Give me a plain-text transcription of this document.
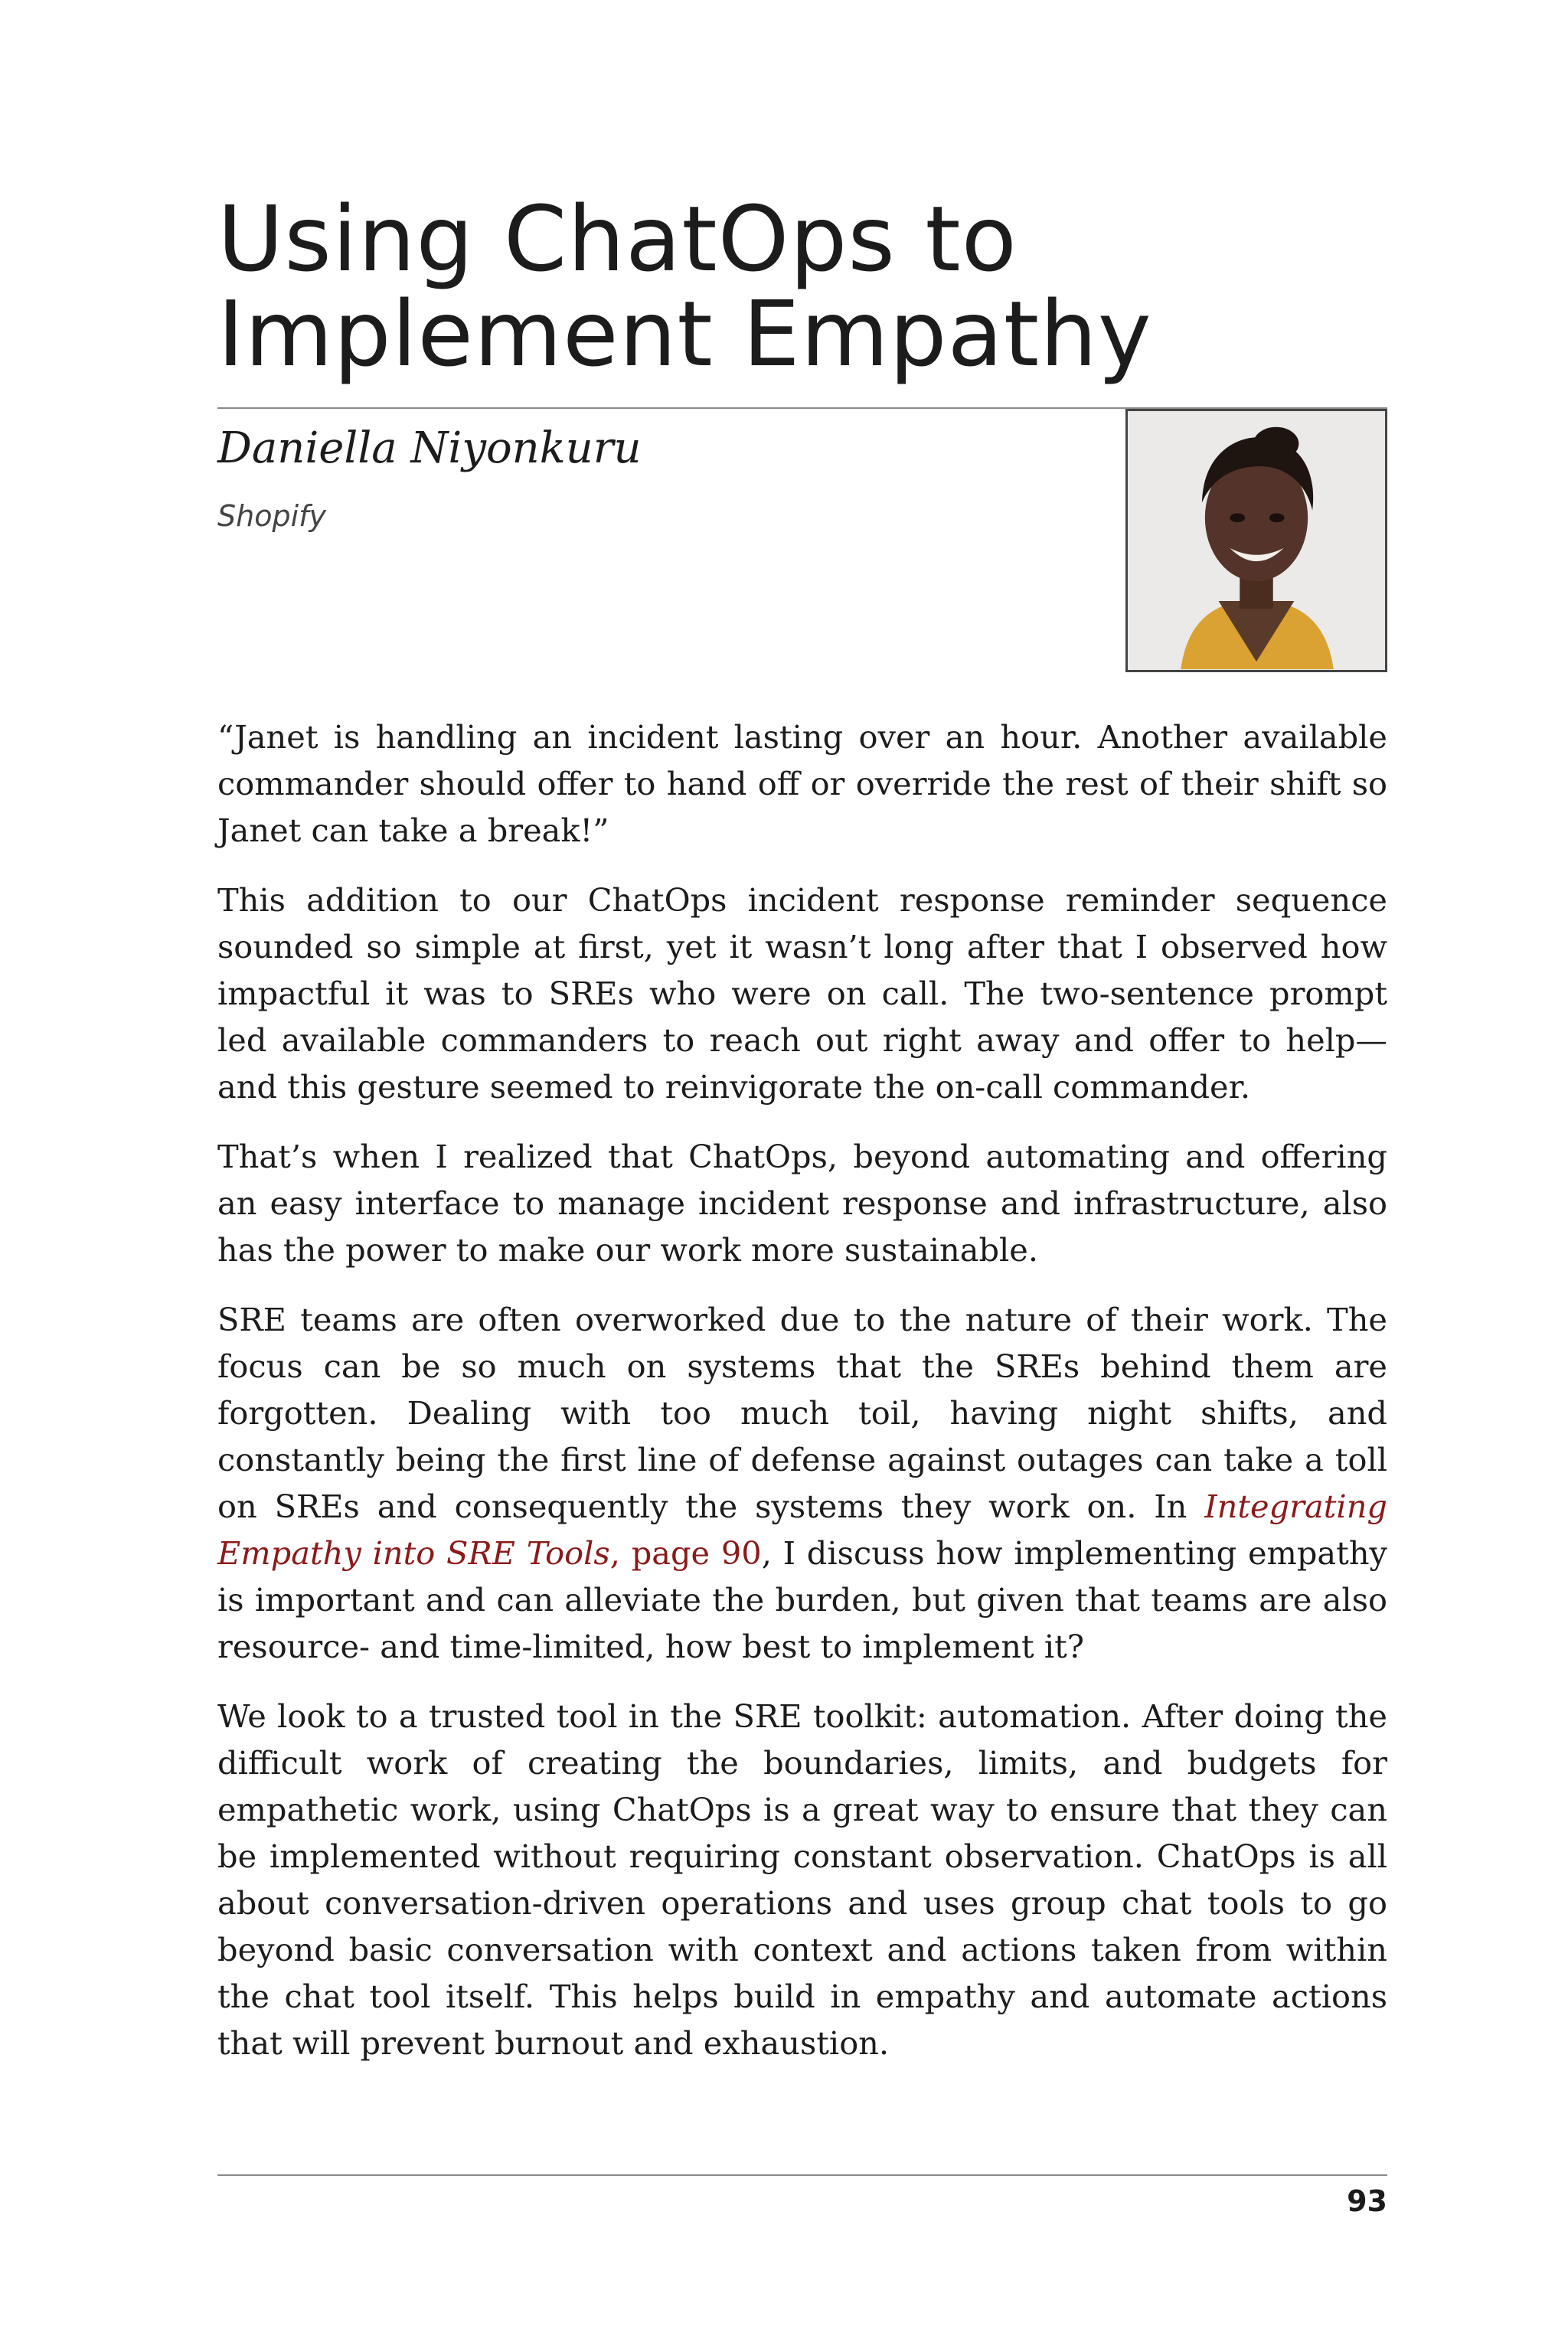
Using ChatOps to
Implement Empathy
Daniella Niyonkuru
Shopify

“Janet is handling an incident lasting over an hour. Another available commander should offer to hand off or override the rest of their shift so Janet can take a break!”

This addition to our ChatOps incident response reminder sequence sounded so simple at first, yet it wasn’t long after that I observed how impactful it was to SREs who were on call. The two-sentence prompt led available commanders to reach out right away and offer to help—and this gesture seemed to reinvigorate the on-call commander.

That’s when I realized that ChatOps, beyond automating and offering an easy interface to manage incident response and infrastructure, also has the power to make our work more sustainable.

SRE teams are often overworked due to the nature of their work. The focus can be so much on systems that the SREs behind them are forgotten. Dealing with too much toil, having night shifts, and constantly being the first line of defense against outages can take a toll on SREs and consequently the systems they work on. In Integrating Empathy into SRE Tools, page 90, I discuss how implementing empathy is important and can alleviate the burden, but given that teams are also resource- and time-limited, how best to implement it?

We look to a trusted tool in the SRE toolkit: automation. After doing the difficult work of creating the boundaries, limits, and budgets for empathetic work, using ChatOps is a great way to ensure that they can be implemented without requiring constant observation. ChatOps is all about conversation-driven operations and uses group chat tools to go beyond basic conversation with context and actions taken from within the chat tool itself. This helps build in empathy and automate actions that will prevent burnout and exhaustion.

93
